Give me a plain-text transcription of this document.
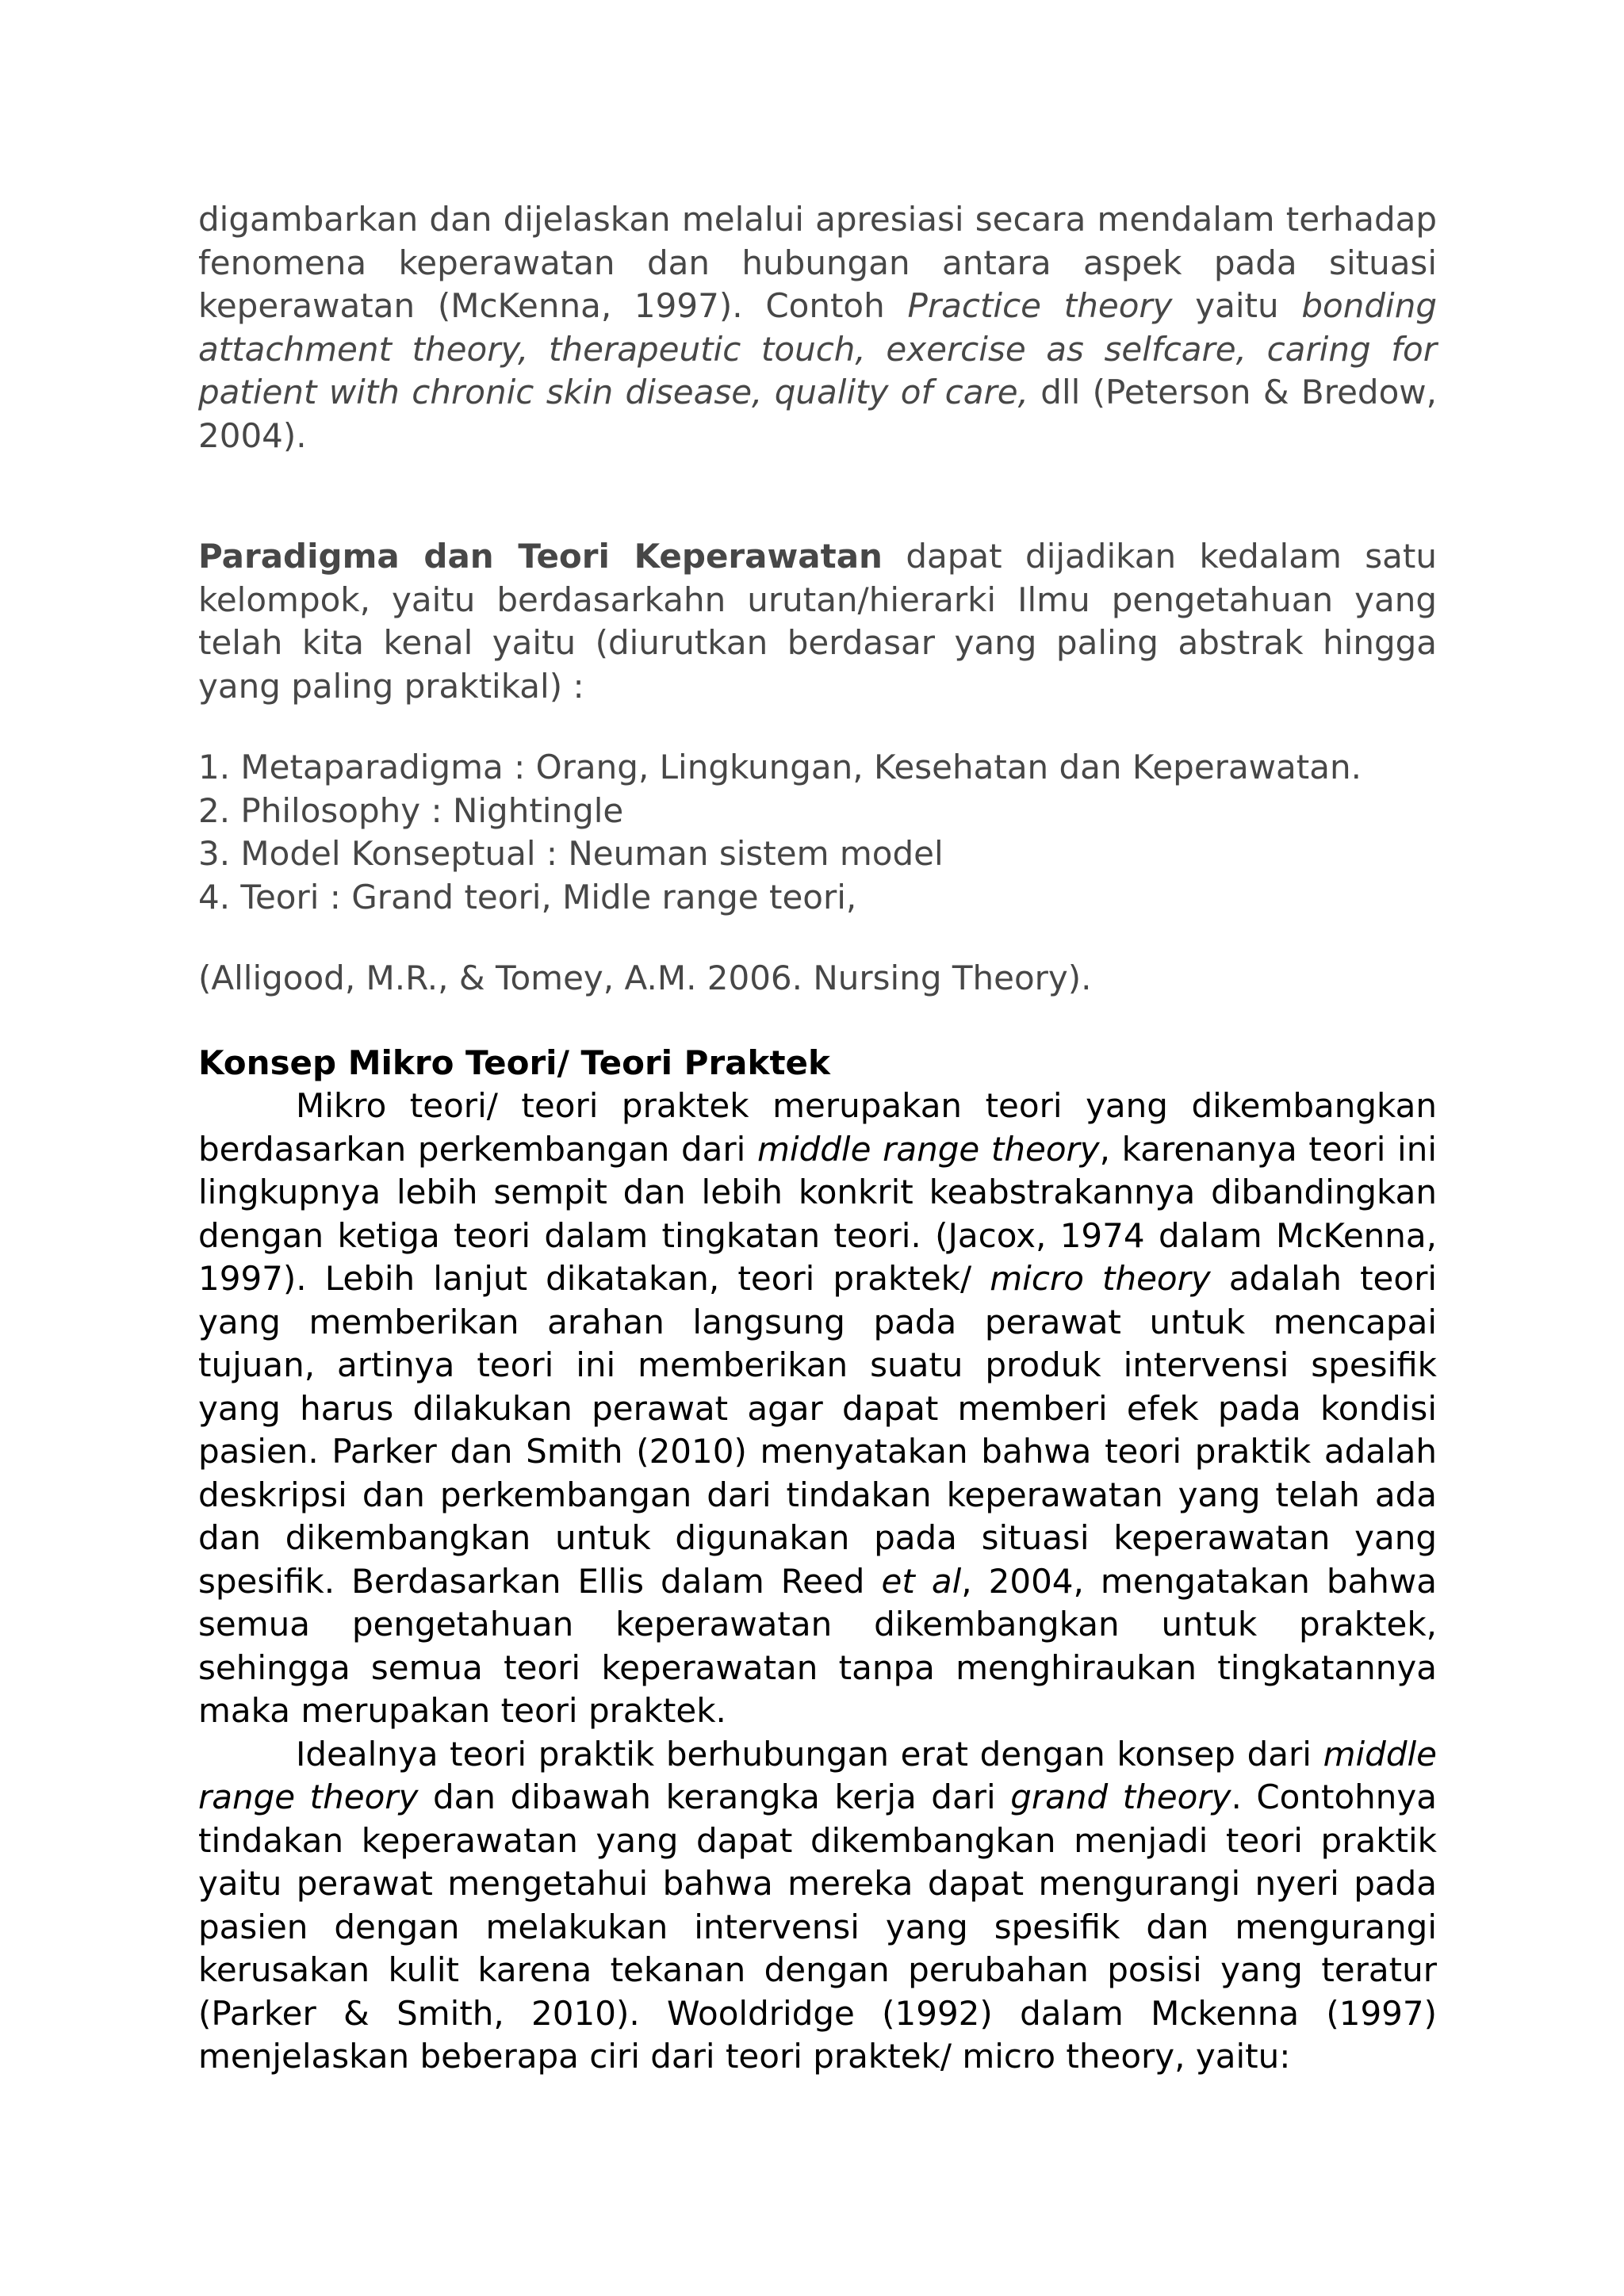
digambarkan dan dijelaskan melalui apresiasi secara mendalam terhadap fenomena keperawatan dan hubungan antara aspek pada situasi keperawatan (McKenna, 1997). Contoh Practice theory yaitu bonding attachment theory, therapeutic touch, exercise as selfcare, caring for patient with chronic skin disease, quality of care, dll (Peterson & Bredow, 2004).

Paradigma dan Teori Keperawatan dapat dijadikan kedalam satu kelompok, yaitu berdasarkahn urutan/hierarki Ilmu pengetahuan yang telah kita kenal yaitu (diurutkan berdasar yang paling abstrak hingga yang paling praktikal) :

1. Metaparadigma : Orang, Lingkungan, Kesehatan dan Keperawatan.
2. Philosophy : Nightingle
3. Model Konseptual : Neuman sistem model
4. Teori : Grand teori, Midle range teori,

(Alligood, M.R., & Tomey, A.M. 2006. Nursing Theory).

Konsep Mikro Teori/ Teori Praktek

Mikro teori/ teori praktek merupakan teori yang dikembangkan berdasarkan perkembangan dari middle range theory, karenanya teori ini lingkupnya lebih sempit dan lebih konkrit keabstrakannya dibandingkan dengan ketiga teori dalam tingkatan teori. (Jacox, 1974 dalam McKenna, 1997). Lebih lanjut dikatakan, teori praktek/ micro theory adalah teori yang memberikan arahan langsung pada perawat untuk mencapai tujuan, artinya teori ini memberikan suatu produk intervensi spesifik yang harus dilakukan perawat agar dapat memberi efek pada kondisi pasien. Parker dan Smith (2010) menyatakan bahwa teori praktik adalah deskripsi dan perkembangan dari tindakan keperawatan yang telah ada dan dikembangkan untuk digunakan pada situasi keperawatan yang spesifik. Berdasarkan Ellis dalam Reed et al, 2004, mengatakan bahwa semua pengetahuan keperawatan dikembangkan untuk praktek, sehingga semua teori keperawatan tanpa menghiraukan tingkatannya maka merupakan teori praktek.

Idealnya teori praktik berhubungan erat dengan konsep dari middle range theory dan dibawah kerangka kerja dari grand theory. Contohnya tindakan keperawatan yang dapat dikembangkan menjadi teori praktik yaitu perawat mengetahui bahwa mereka dapat mengurangi nyeri pada pasien dengan melakukan intervensi yang spesifik dan mengurangi kerusakan kulit karena tekanan dengan perubahan posisi yang teratur (Parker & Smith, 2010). Wooldridge (1992) dalam Mckenna (1997) menjelaskan beberapa ciri dari teori praktek/ micro theory, yaitu:
